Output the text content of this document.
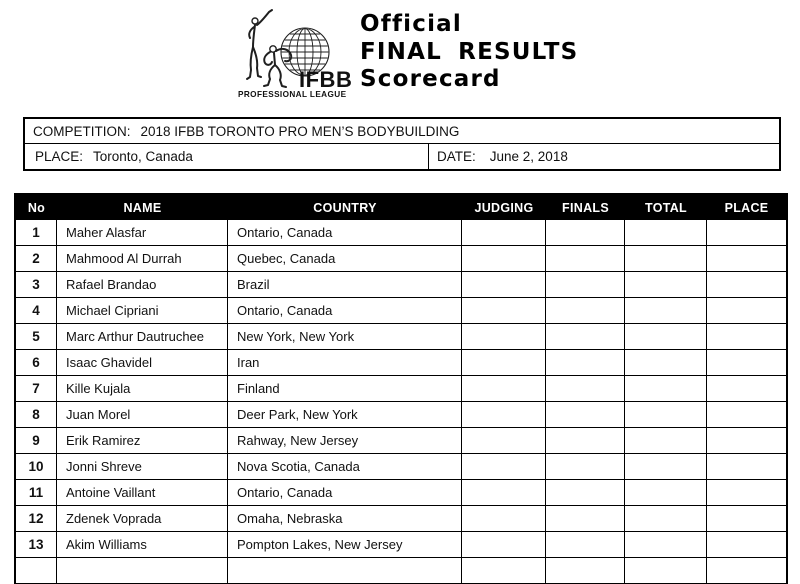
IFBB
PROFESSIONAL LEAGUE
Official
FINAL RESULTS
Scorecard
COMPETITION: 2018 IFBB TORONTO PRO MEN’S BODYBUILDING
PLACE: Toronto, Canada	DATE: June 2, 2018
No	NAME	COUNTRY	JUDGING	FINALS	TOTAL	PLACE
1	Maher Alasfar	Ontario, Canada
2	Mahmood Al Durrah	Quebec, Canada
3	Rafael Brandao	Brazil
4	Michael Cipriani	Ontario, Canada
5	Marc Arthur Dautruchee	New York, New York
6	Isaac Ghavidel	Iran
7	Kille Kujala	Finland
8	Juan Morel	Deer Park, New York
9	Erik Ramirez	Rahway, New Jersey
10	Jonni Shreve	Nova Scotia, Canada
11	Antoine Vaillant	Ontario, Canada
12	Zdenek Voprada	Omaha, Nebraska
13	Akim Williams	Pompton Lakes, New Jersey
